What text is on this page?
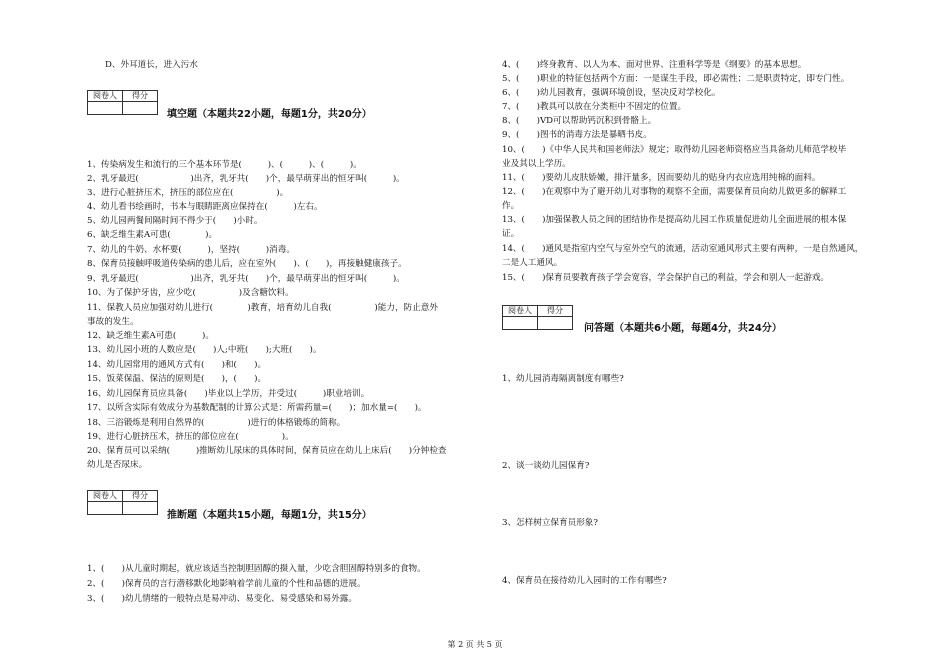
D、外耳道长，进入污水
阅卷人	得分

填空题（本题共22小题，每题1分，共20分）
1、传染病发生和流行的三个基本环节是(　　　)、(　　　)、(　　　)。
2、乳牙最迟(　　　　　　)出齐，乳牙共(　　)个，最早萌芽出的恒牙叫(　　　)。
3、进行心脏挤压术，挤压的部位应在(　　　　　)。
4、幼儿看书绘画时，书本与眼睛距离应保持在(　　　)左右。
5、幼儿园两餐间隔时间不得少于(　　)小时。
6、缺乏维生素A可患(　　　　)。
7、幼儿的牛奶、水杯要(　　　)，坚持(　　　)消毒。
8、保育员接触呼吸道传染病的患儿后，应在室外(　　)、(　　)，再接触健康孩子。
9、乳牙最迟(　　　　　　)出齐，乳牙共(　　)个，最早萌芽出的恒牙叫(　　　)。
10、为了保护牙齿，应少吃(　　　　　)及含糖饮料。
11、保教人员应加强对幼儿进行(　　　　)教育，培育幼儿自我(　　　　　)能力，防止意外
事故的发生。
12、缺乏维生素A可患(　　　)。
13、幼儿园小班的人数应是(　　)人;中班(　　);大班(　　)。
14、幼儿园常用的通风方式有(　　)和(　　)。
15、饭菜保温、保洁的原则是(　　)，(　　)。
16、幼儿园保育员应具备(　　)毕业以上学历，并受过(　　　)职业培训。
17、以所含实际有效成分为基数配制的计算公式是：所需药量=(　　)；加水量=(　　)。
18、三浴锻炼是利用自然界的(　　　　　)进行的体格锻炼的简称。
19、进行心脏挤压术，挤压的部位应在(　　　　　)。
20、保育员可以采纳(　　　)推断幼儿尿床的具体时间，保育员应在幼儿上床后(　　)分钟检查
幼儿是否尿床。
阅卷人	得分

推断题（本题共15小题，每题1分，共15分）
1、(　　)从儿童时期起，就应该适当控制胆固醇的摄入量，少吃含胆固醇特别多的食物。
2、(　　)保育员的言行潜移默化地影响着学前儿童的个性和品德的进展。
3、(　　)幼儿情绪的一般特点是易冲动、易变化、易受感染和易外露。
4、(　　)终身教育、以人为本、面对世界、注重科学等是《纲要》的基本思想。
5、(　　)职业的特征包括两个方面：一是谋生手段，即必需性；二是职责特定，即专门性。
6、(　　)幼儿园教育，强调环境创设，坚决反对学校化。
7、(　　)教具可以放在分类柜中不固定的位置。
8、(　　)VD可以帮助钙沉积到骨骼上。
9、(　　)图书的消毒方法是暴晒书皮。
10、(　　)《中华人民共和国老师法》规定；取得幼儿园老师资格应当具备幼儿师范学校毕
业及其以上学历。
11、(　　)要幼儿皮肤娇嫩，排汗量多，因而要幼儿的贴身内衣应选用纯棉的面料。
12、(　　)在观察中为了避开幼儿对事物的观察不全面，需要保育员向幼儿做更多的解释工
作。
13、(　　)加强保教人员之间的团结协作是提高幼儿园工作质量促进幼儿全面进展的根本保
证。
14、(　　)通风是指室内空气与室外空气的流通，活动室通风形式主要有两种，一是自然通风，
二是人工通风。
15、(　　)保育员要教育孩子学会宽容，学会保护自己的利益，学会和别人一起游戏。
阅卷人	得分

问答题（本题共6小题，每题4分，共24分）
1、幼儿园消毒隔离制度有哪些?
2、谈一谈幼儿园保育?
3、怎样树立保育员形象?
4、保育员在接待幼儿入园时的工作有哪些?
第 2 页 共 5 页
